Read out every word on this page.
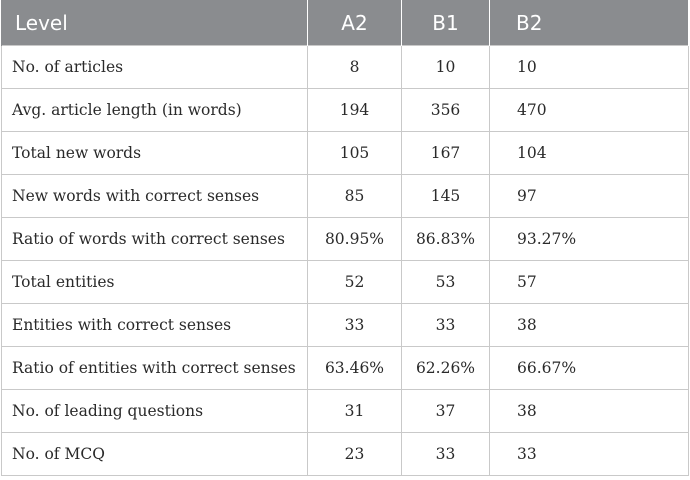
Level	A2	B1	B2
No. of articles	8	10	10
Avg. article length (in words)	194	356	470
Total new words	105	167	104
New words with correct senses	85	145	97
Ratio of words with correct senses	80.95%	86.83%	93.27%
Total entities	52	53	57
Entities with correct senses	33	33	38
Ratio of entities with correct senses	63.46%	62.26%	66.67%
No. of leading questions	31	37	38
No. of MCQ	23	33	33
